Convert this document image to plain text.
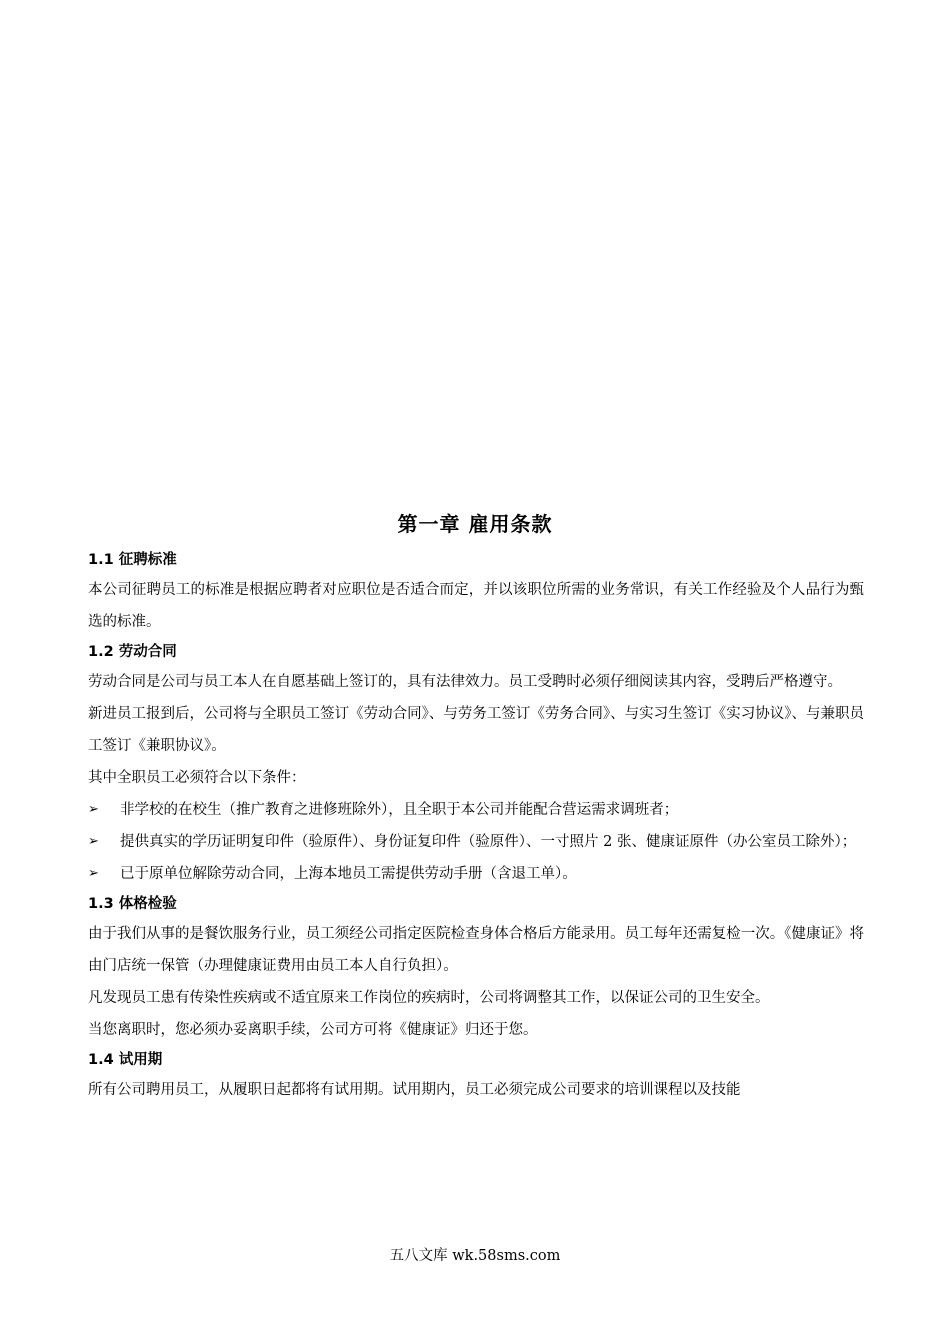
第一章 雇用条款
1.1 征聘标准

本公司征聘员工的标准是根据应聘者对应职位是否适合而定，并以该职位所需的业务常识，有关工作经验及个人品行为甄选的标准。

1.2 劳动合同

劳动合同是公司与员工本人在自愿基础上签订的，具有法律效力。员工受聘时必须仔细阅读其内容，受聘后严格遵守。

新进员工报到后，公司将与全职员工签订《劳动合同》、与劳务工签订《劳务合同》、与实习生签订《实习协议》、与兼职员工签订《兼职协议》。

其中全职员工必须符合以下条件：

➢	非学校的在校生（推广教育之进修班除外），且全职于本公司并能配合营运需求调班者；
➢	提供真实的学历证明复印件（验原件）、身份证复印件（验原件）、一寸照片 2 张、健康证原件（办公室员工除外）；
➢	已于原单位解除劳动合同，上海本地员工需提供劳动手册（含退工单）。
1.3 体格检验

由于我们从事的是餐饮服务行业，员工须经公司指定医院检查身体合格后方能录用。员工每年还需复检一次。《健康证》将由门店统一保管（办理健康证费用由员工本人自行负担）。

凡发现员工患有传染性疾病或不适宜原来工作岗位的疾病时，公司将调整其工作，以保证公司的卫生安全。

当您离职时，您必须办妥离职手续，公司方可将《健康证》归还于您。

1.4 试用期

所有公司聘用员工，从履职日起都将有试用期。试用期内，员工必须完成公司要求的培训课程以及技能

五八文库 wk.58sms.com
